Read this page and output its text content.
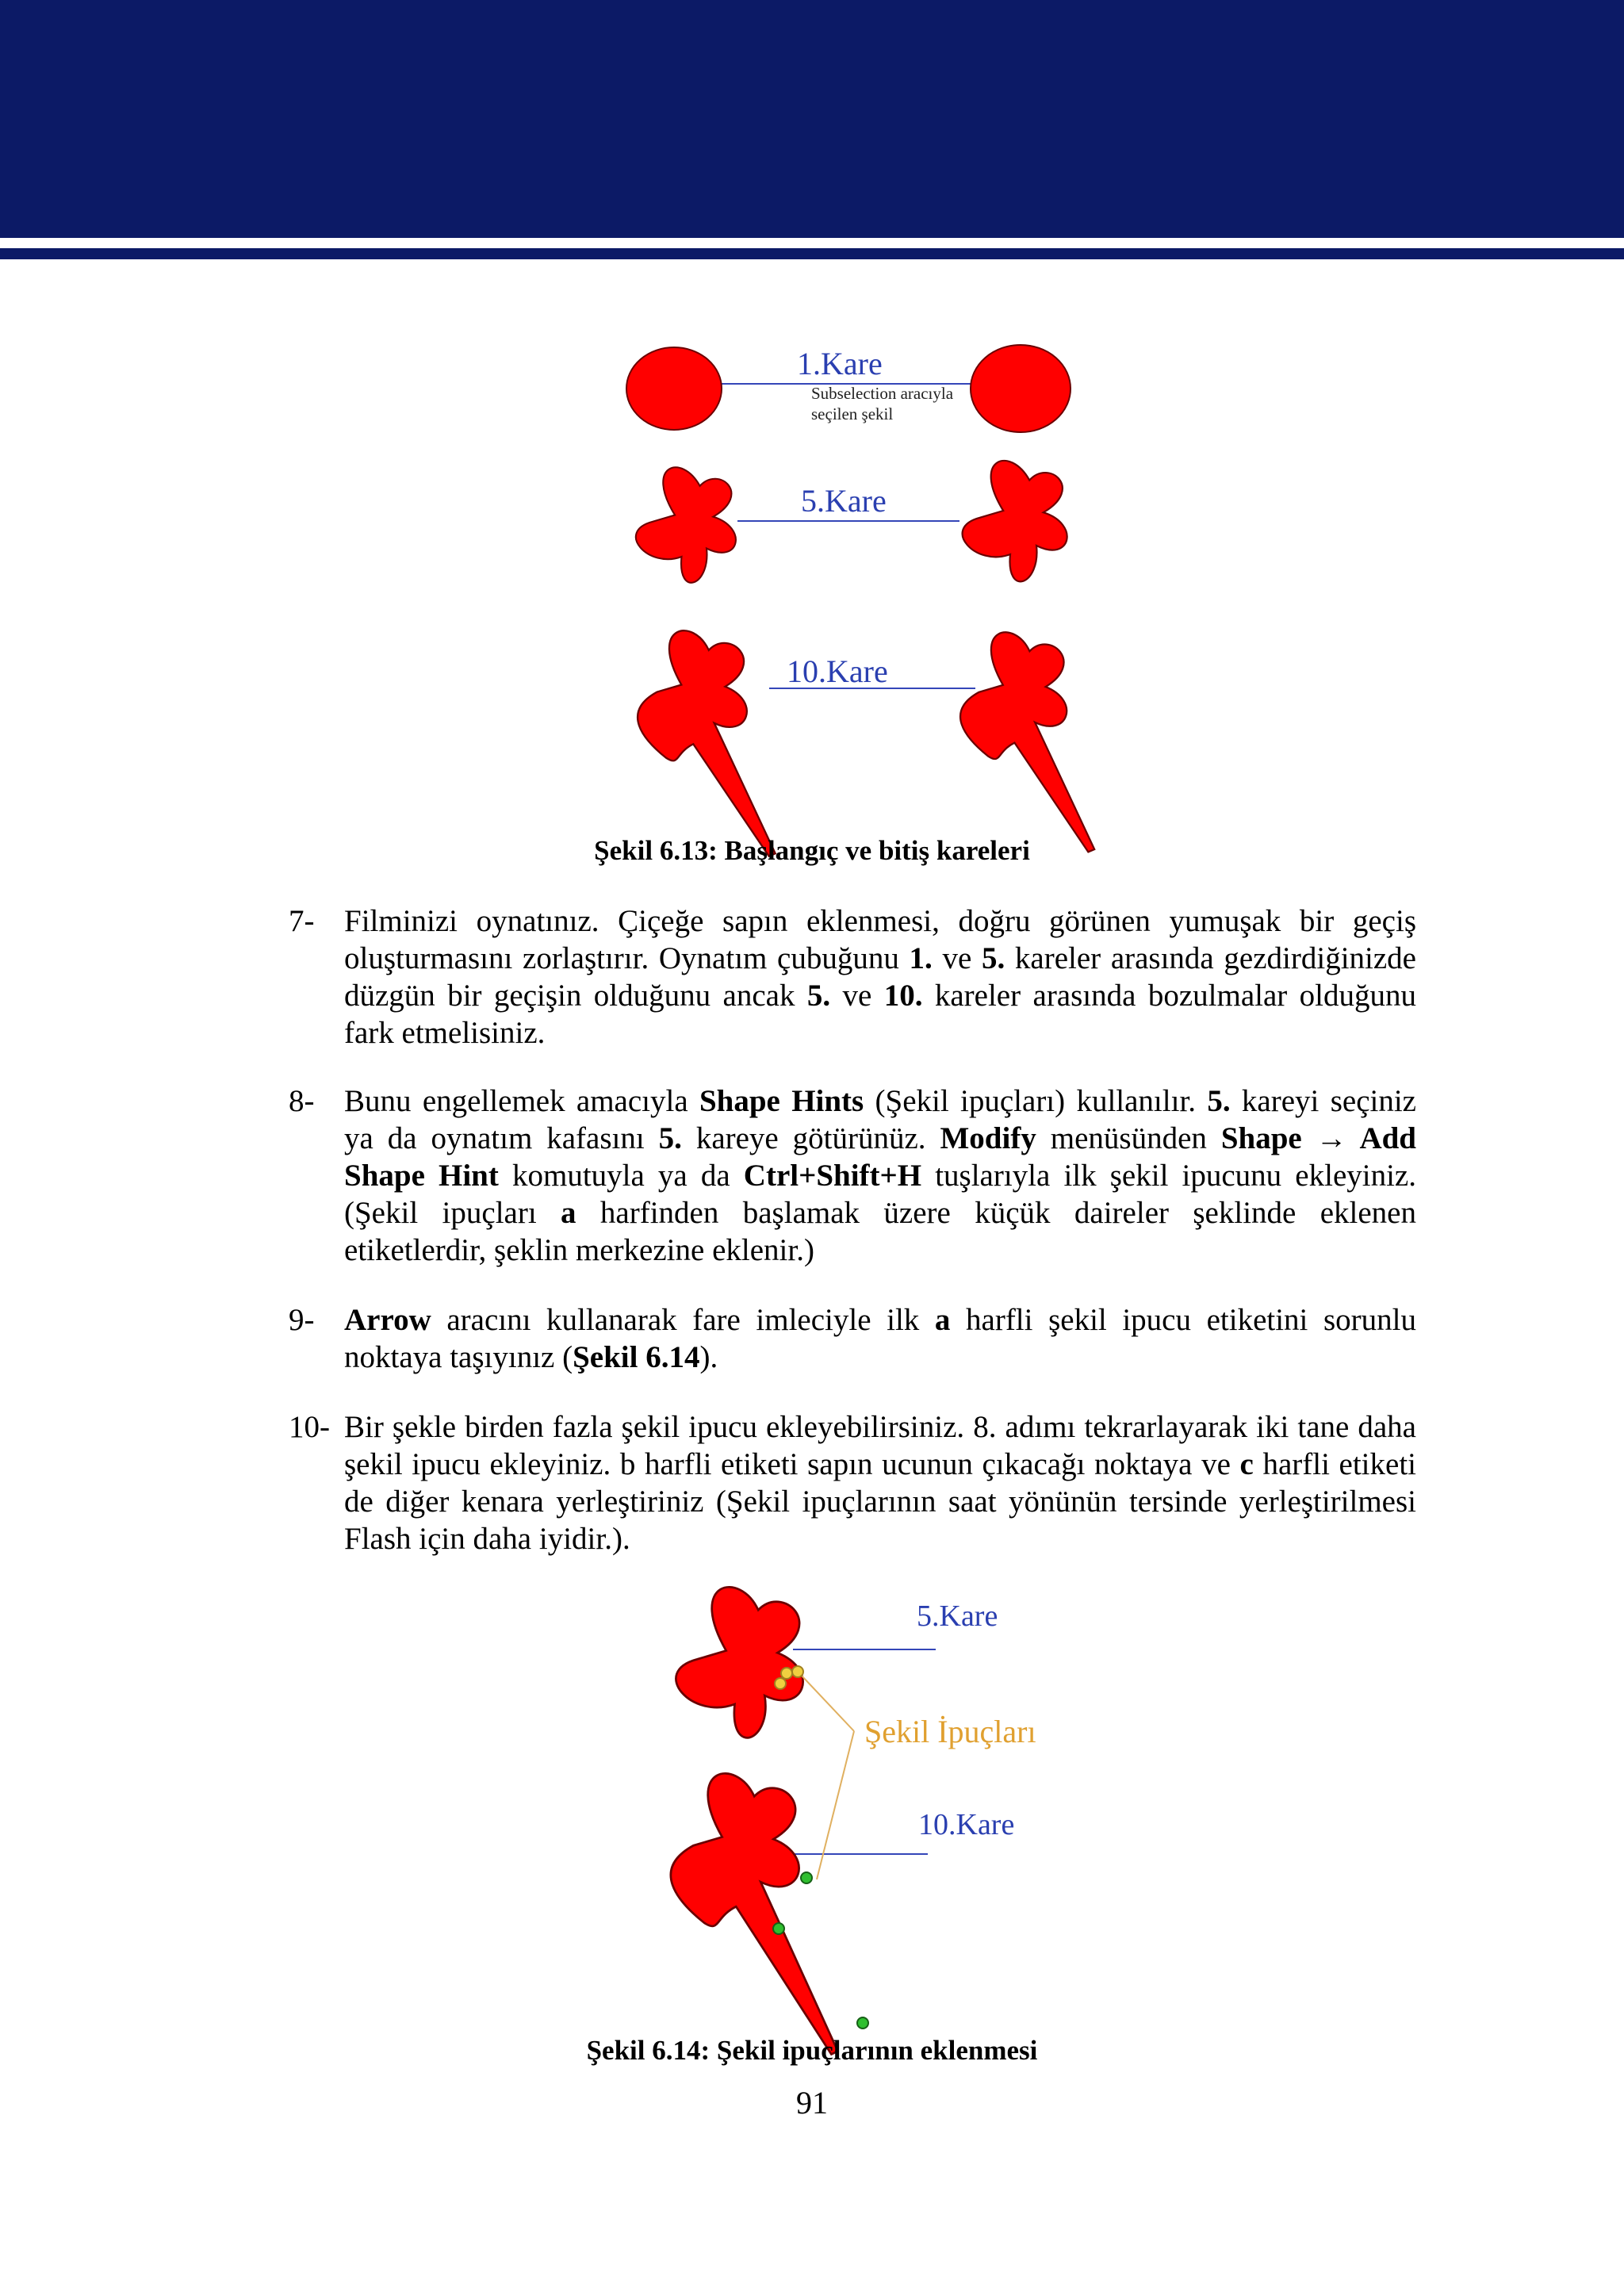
1.Kare
Subselection aracıyla
seçilen şekil
5.Kare
10.Kare
Şekil 6.13: Başlangıç ve bitiş kareleri
7- Filminizi oynatınız. Çiçeğe sapın eklenmesi, doğru görünen yumuşak bir geçiş oluşturmasını zorlaştırır. Oynatım çubuğunu 1. ve 5. kareler arasında gezdirdiğinizde düzgün bir geçişin olduğunu ancak 5. ve 10. kareler arasında bozulmalar olduğunu fark etmelisiniz.
8- Bunu engellemek amacıyla Shape Hints (Şekil ipuçları) kullanılır. 5. kareyi seçiniz ya da oynatım kafasını 5. kareye götürünüz. Modify menüsünden Shape → Add Shape Hint komutuyla ya da Ctrl+Shift+H tuşlarıyla ilk şekil ipucunu ekleyiniz. (Şekil ipuçları a harfinden başlamak üzere küçük daireler şeklinde eklenen etiketlerdir, şeklin merkezine eklenir.)
9- Arrow aracını kullanarak fare imleciyle ilk a harfli şekil ipucu etiketini sorunlu noktaya taşıyınız (Şekil 6.14).
10- Bir şekle birden fazla şekil ipucu ekleyebilirsiniz. 8. adımı tekrarlayarak iki tane daha şekil ipucu ekleyiniz. b harfli etiketi sapın ucunun çıkacağı noktaya ve c harfli etiketi de diğer kenara yerleştiriniz (Şekil ipuçlarının saat yönünün tersinde yerleştirilmesi Flash için daha iyidir.).
5.Kare
Şekil İpuçları
10.Kare
Şekil 6.14: Şekil ipuçlarının eklenmesi
91
